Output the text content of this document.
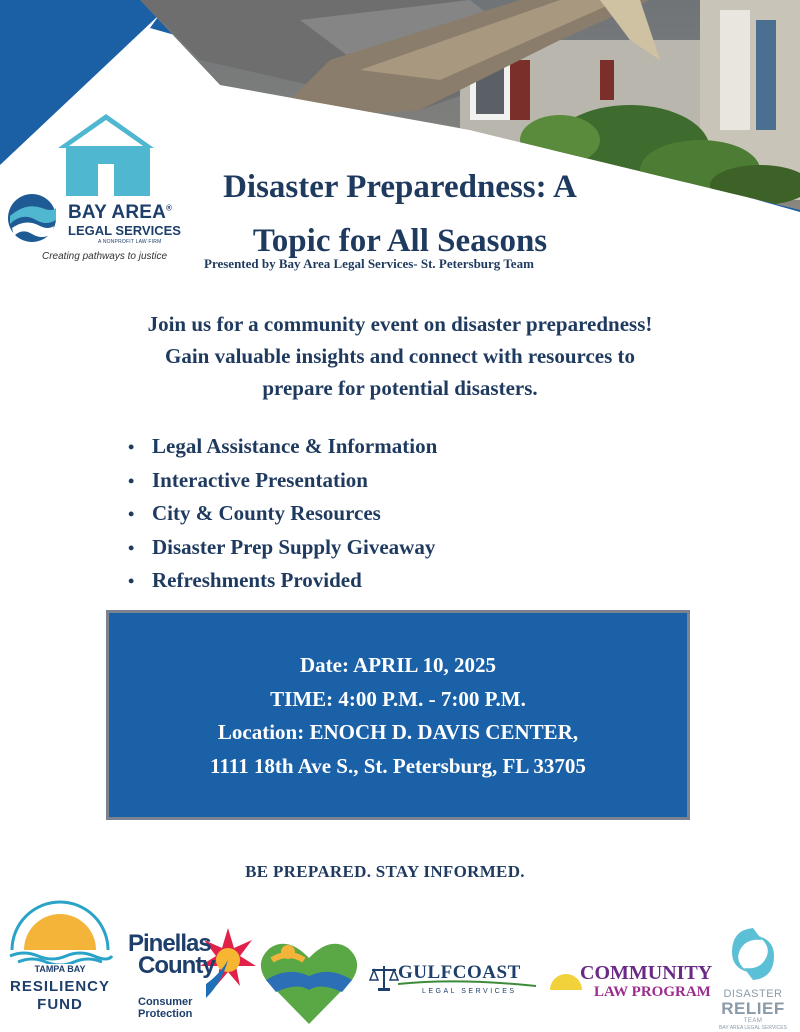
BAY AREA®
LEGAL SERVICES
A NONPROFIT LAW FIRM
Creating pathways to justice
Disaster Preparedness: A
Topic for All Seasons
Presented by Bay Area Legal Services- St. Petersburg Team
Join us for a community event on disaster preparedness!
Gain valuable insights and connect with resources to
prepare for potential disasters.
• Legal Assistance & Information
• Interactive Presentation
• City & County Resources
• Disaster Prep Supply Giveaway
• Refreshments Provided
Date: APRIL 10, 2025
TIME: 4:00 P.M. - 7:00 P.M.
Location: ENOCH D. DAVIS CENTER,
1111 18th Ave S., St. Petersburg, FL 33705
BE PREPARED. STAY INFORMED.
TAMPA BAY
RESILIENCY
FUND
Pinellas
County
Consumer
Protection
GULFCOAST
LEGAL SERVICES
COMMUNITY
LAW PROGRAM	DISASTER
RELIEF
TEAM
BAY AREA LEGAL SERVICES
